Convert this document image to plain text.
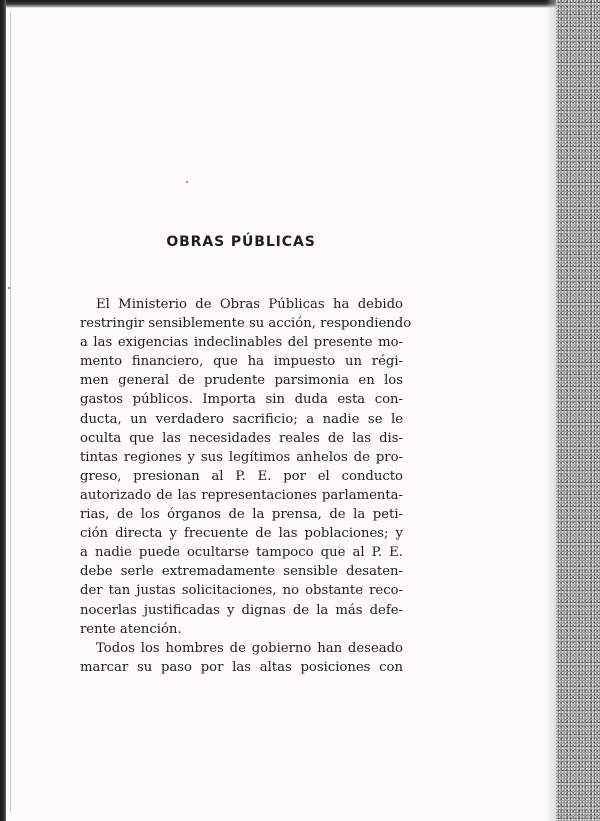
OBRAS PÚBLICAS
El Ministerio de Obras Públicas ha debido
restringir sensiblemente su acción, respondiendo
a las exigencias indeclinables del presente mo-
mento financiero, que ha impuesto un régi-
men general de prudente parsimonia en los
gastos públicos. Importa sin duda esta con-
ducta, un verdadero sacrificio; a nadie se le
oculta que las necesidades reales de las dis-
tintas regiones y sus legítimos anhelos de pro-
greso, presionan al P. E. por el conducto
autorizado de las representaciones parlamenta-
rias, de los órganos de la prensa, de la peti-
ción directa y frecuente de las poblaciones; y
a nadie puede ocultarse tampoco que al P. E.
debe serle extremadamente sensible desaten-
der tan justas solicitaciones, no obstante reco-
nocerlas justificadas y dignas de la más defe-
rente atención.
Todos los hombres de gobierno han deseado
marcar su paso por las altas posiciones con
